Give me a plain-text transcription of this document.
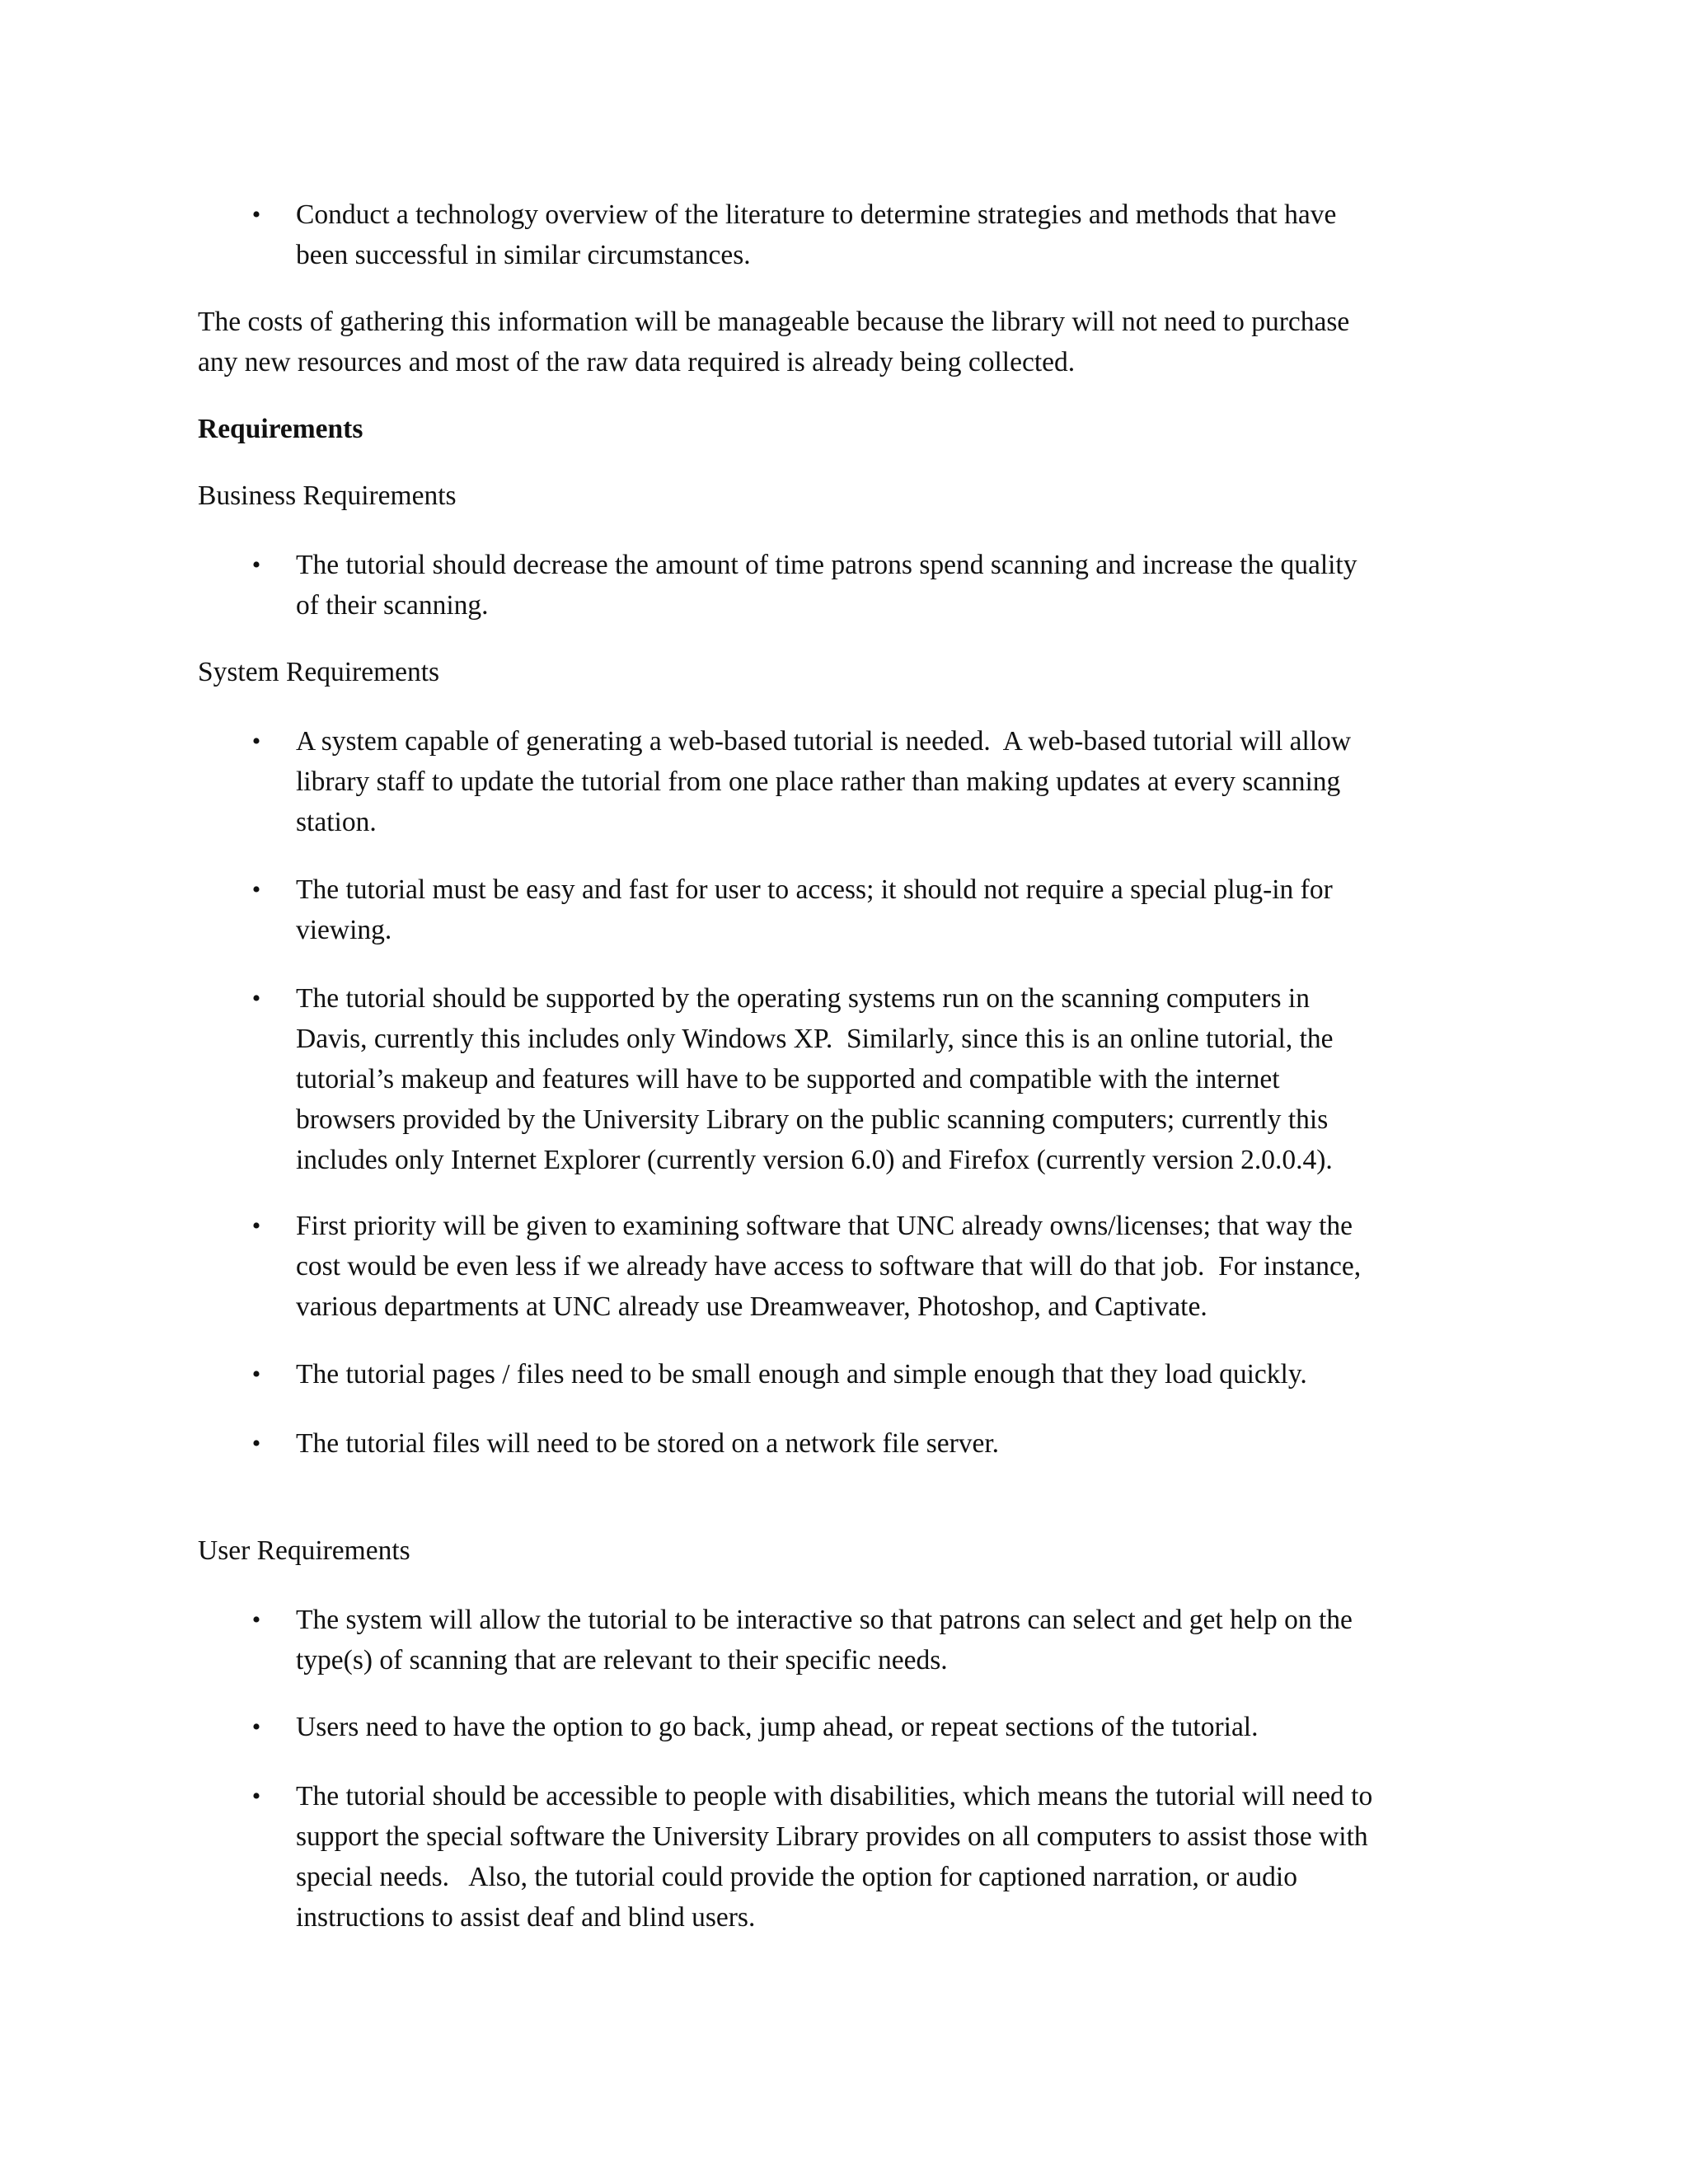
• Conduct a technology overview of the literature to determine strategies and methods that have
been successful in similar circumstances.
The costs of gathering this information will be manageable because the library will not need to purchase
any new resources and most of the raw data required is already being collected.
Requirements
Business Requirements
• The tutorial should decrease the amount of time patrons spend scanning and increase the quality
of their scanning.
System Requirements
• A system capable of generating a web-based tutorial is needed.  A web-based tutorial will allow
library staff to update the tutorial from one place rather than making updates at every scanning
station.
• The tutorial must be easy and fast for user to access; it should not require a special plug-in for
viewing.
• The tutorial should be supported by the operating systems run on the scanning computers in
Davis, currently this includes only Windows XP.  Similarly, since this is an online tutorial, the
tutorial’s makeup and features will have to be supported and compatible with the internet
browsers provided by the University Library on the public scanning computers; currently this
includes only Internet Explorer (currently version 6.0) and Firefox (currently version 2.0.0.4).
• First priority will be given to examining software that UNC already owns/licenses; that way the
cost would be even less if we already have access to software that will do that job.  For instance,
various departments at UNC already use Dreamweaver, Photoshop, and Captivate.
• The tutorial pages / files need to be small enough and simple enough that they load quickly.
• The tutorial files will need to be stored on a network file server.
User Requirements
• The system will allow the tutorial to be interactive so that patrons can select and get help on the
type(s) of scanning that are relevant to their specific needs.
• Users need to have the option to go back, jump ahead, or repeat sections of the tutorial.
• The tutorial should be accessible to people with disabilities, which means the tutorial will need to
support the special software the University Library provides on all computers to assist those with
special needs.   Also, the tutorial could provide the option for captioned narration, or audio
instructions to assist deaf and blind users.
